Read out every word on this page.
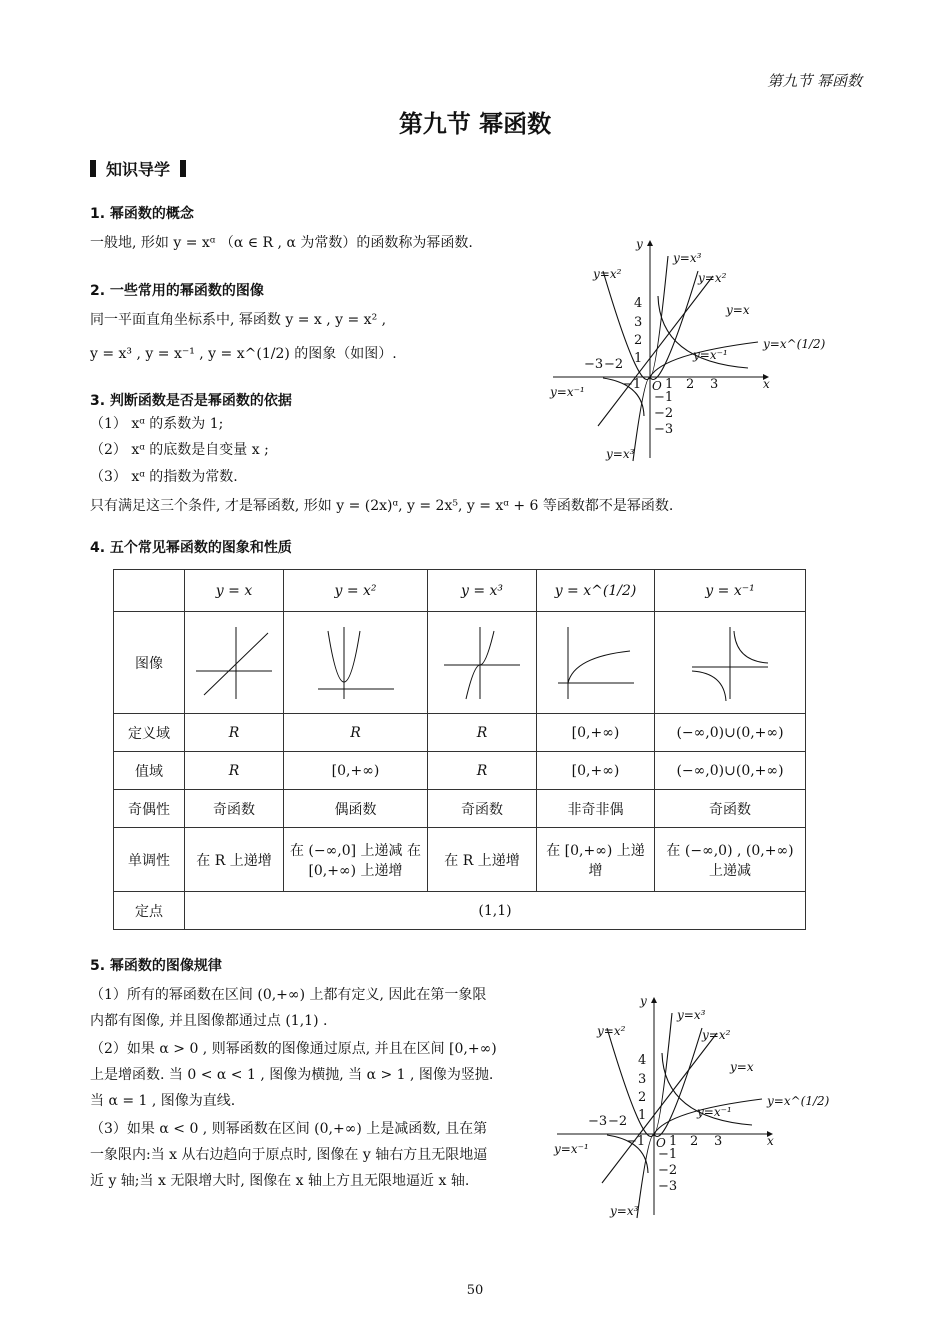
第九节 幂函数
第九节 幂函数
知识导学
1. 幂函数的概念
一般地, 形如 y = xᵅ （α ∈ R , α 为常数）的函数称为幂函数.
2. 一些常用的幂函数的图像
同一平面直角坐标系中, 幂函数 y = x , y = x² ,
y = x³ , y = x⁻¹ , y = x^(1/2) 的图象（如图）.
3. 判断函数是否是幂函数的依据
（1） xᵅ 的系数为 1;
（2） xᵅ 的底数是自变量 x ;
（3） xᵅ 的指数为常数.
只有满足这三个条件, 才是幂函数, 形如 y = (2x)ᵅ, y = 2x⁵, y = xᵅ + 6 等函数都不是幂函数.
y=x²
y=x³
y=x²
y=x
y=x^(1/2)
y=x⁻¹
y=x⁻¹
y=x³
x
y
O
−3 −2
−1 1 2 3
4
3
2
1
−1
−2
−3
4. 五个常见幂函数的图象和性质
	y = x	y = x²	y = x³	y = x^(1/2)	y = x⁻¹
图像	

定义域	R	R	R	[0,+∞)	(−∞,0)∪(0,+∞)
值域	R	[0,+∞)	R	[0,+∞)	(−∞,0)∪(0,+∞)
奇偶性	奇函数	偶函数	奇函数	非奇非偶	奇函数
单调性	在 R 上递增	在 (−∞,0] 上递减 在 [0,+∞) 上递增	在 R 上递增	在 [0,+∞) 上递增	在 (−∞,0) , (0,+∞) 上递减
定点	(1,1)				
5. 幂函数的图像规律
（1）所有的幂函数在区间 (0,+∞) 上都有定义, 因此在第一象限内都有图像, 并且图像都通过点 (1,1) .
（2）如果 α > 0 , 则幂函数的图像通过原点, 并且在区间 [0,+∞) 上是增函数. 当 0 < α < 1 , 图像为横抛, 当 α > 1 , 图像为竖抛. 当 α = 1 , 图像为直线.
（3）如果 α < 0 , 则幂函数在区间 (0,+∞) 上是减函数, 且在第一象限内:当 x 从右边趋向于原点时, 图像在 y 轴右方且无限地逼近 y 轴;当 x 无限增大时, 图像在 x 轴上方且无限地逼近 x 轴.
y=x²
y=x³
y=x²
y=x
y=x^(1/2)
y=x⁻¹
y=x⁻¹
y=x³
x
y
O
−3 −2
−1 1 2 3
4
3
2
1
−1
−2
−3
50
